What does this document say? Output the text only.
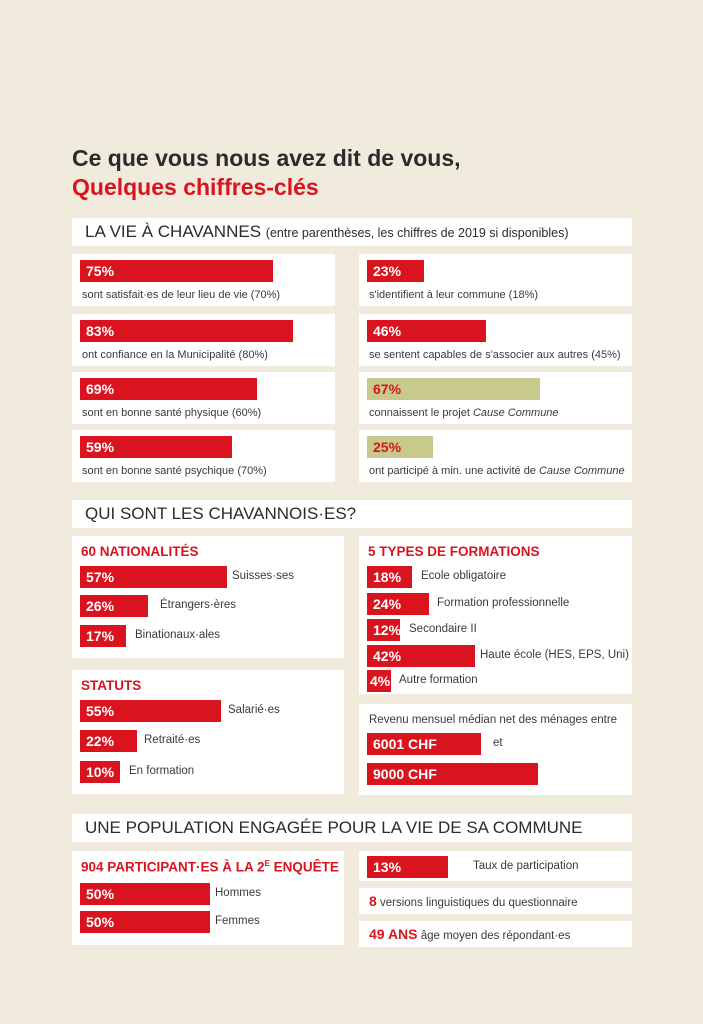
Ce que vous nous avez dit de vous,
Quelques chiffres-clés
LA VIE À CHAVANNES (entre parenthèses, les chiffres de 2019 si disponibles)
75%
sont satisfait·es de leur lieu de vie (70%)
83%
ont confiance en la Municipalité (80%)
69%
sont en bonne santé physique (60%)
59%
sont en bonne santé psychique (70%)
23%
s'identifient à leur commune (18%)
46%
se sentent capables de s'associer aux autres (45%)
67%
connaissent le projet Cause Commune
25%
ont participé à min. une activité de Cause Commune
QUI SONT LES CHAVANNOIS·ES?
60 NATIONALITÉS
57%	Suisses·ses
26%	Étrangers·ères
17%	Binationaux·ales
STATUTS
55%	Salarié·es
22%	Retraité·es
10%	En formation
5 TYPES DE FORMATIONS
18%	Ecole obligatoire
24%	Formation professionnelle
12% Secondaire II
42%	Haute école (HES, EPS, Uni)
4% Autre formation
Revenu mensuel médian net des ménages entre
6001 CHF	et
9000 CHF
UNE POPULATION ENGAGÉE POUR LA VIE DE SA COMMUNE
904 PARTICIPANT·ES À LA $2^E$ ENQUÊTE
50%	Hommes
50%	Femmes
13%	Taux de participation
8 versions linguistiques du questionnaire
49 ANS âge moyen des répondant·es
